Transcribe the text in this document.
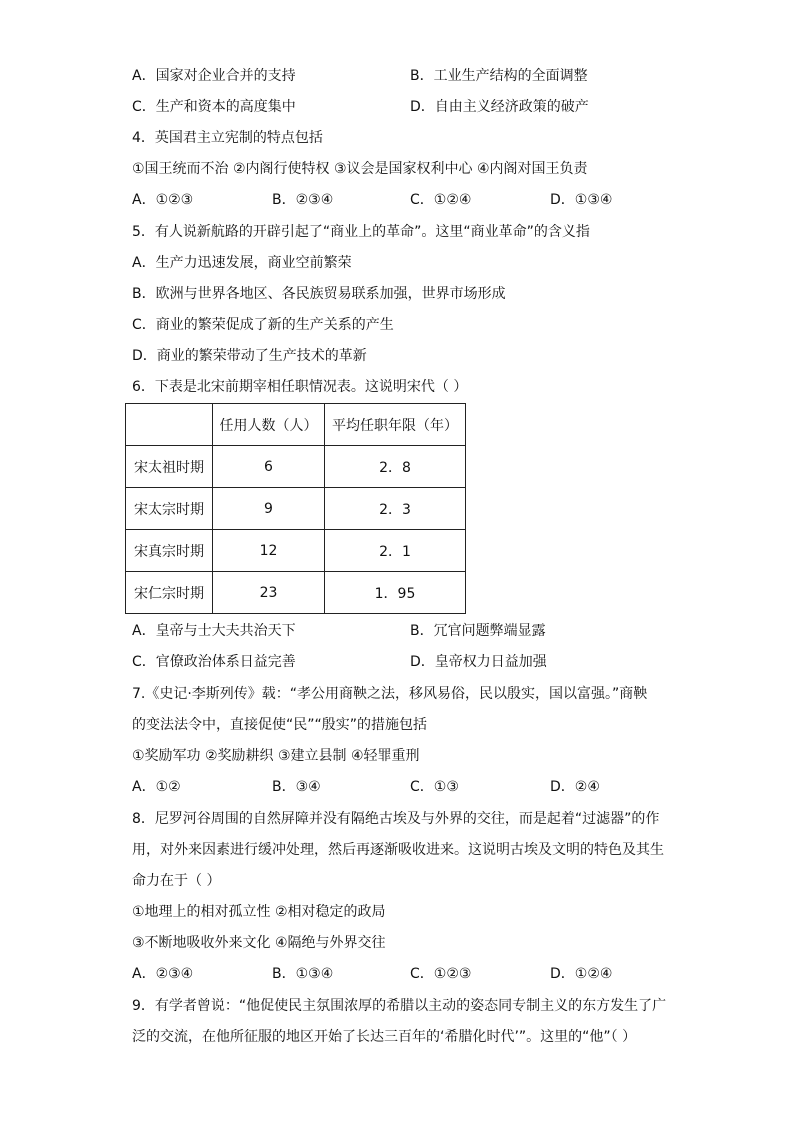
A．国家对企业合并的支持	B．工业生产结构的全面调整
C．生产和资本的高度集中	D．自由主义经济政策的破产
4．英国君主立宪制的特点包括
①国王统而不治 ②内阁行使特权 ③议会是国家权利中心 ④内阁对国王负责
A．①②③	B．②③④	C．①②④	D．①③④
5．有人说新航路的开辟引起了“商业上的革命”。这里“商业革命”的含义指
A．生产力迅速发展，商业空前繁荣
B．欧洲与世界各地区、各民族贸易联系加强，世界市场形成
C．商业的繁荣促成了新的生产关系的产生
D．商业的繁荣带动了生产技术的革新
6．下表是北宋前期宰相任职情况表。这说明宋代（ ）
	任用人数（人）	平均任职年限（年）
宋太祖时期	6	2．8
宋太宗时期	9	2．3
宋真宗时期	12	2．1
宋仁宗时期	23	1．95
A．皇帝与士大夫共治天下	B．冗官问题弊端显露
C．官僚政治体系日益完善	D．皇帝权力日益加强
7.《史记·李斯列传》载：“孝公用商鞅之法，移风易俗，民以殷实，国以富强。”商鞅
的变法法令中，直接促使“民”“殷实”的措施包括
①奖励军功 ②奖励耕织 ③建立县制 ④轻罪重刑
A．①②	B．③④	C．①③	D．②④
8．尼罗河谷周围的自然屏障并没有隔绝古埃及与外界的交往，而是起着“过滤器”的作
用，对外来因素进行缓冲处理，然后再逐渐吸收进来。这说明古埃及文明的特色及其生
命力在于（ ）
①地理上的相对孤立性 ②相对稳定的政局
③不断地吸收外来文化 ④隔绝与外界交往
A．②③④	B．①③④	C．①②③	D．①②④
9．有学者曾说：“他促使民主氛围浓厚的希腊以主动的姿态同专制主义的东方发生了广
泛的交流，在他所征服的地区开始了长达三百年的‘希腊化时代’”。这里的“他”（ ）
